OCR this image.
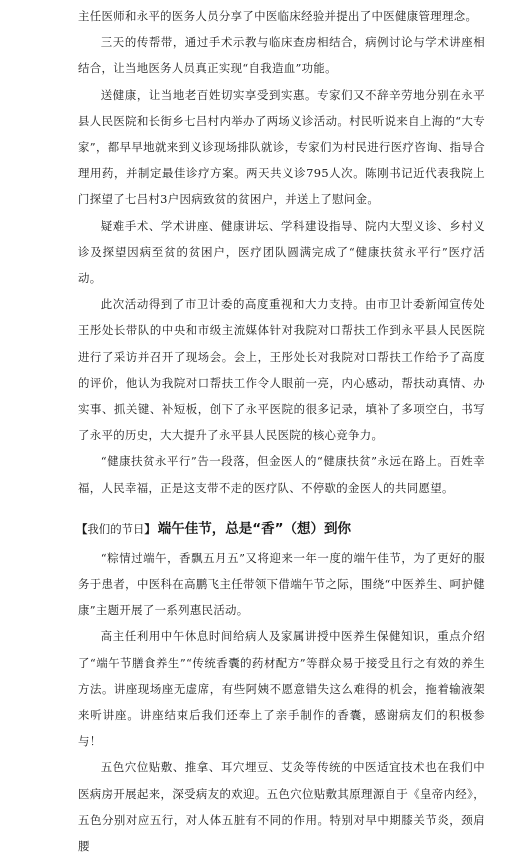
主任医师和永平的医务人员分享了中医临床经验并提出了中医健康管理理念。

三天的传帮带，通过手术示教与临床查房相结合，病例讨论与学术讲座相结合，让当地医务人员真正实现“自我造血”功能。

送健康，让当地老百姓切实享受到实惠。专家们又不辞辛劳地分别在永平县人民医院和长街乡七吕村内举办了两场义诊活动。村民听说来自上海的“大专家”，都早早地就来到义诊现场排队就诊，专家们为村民进行医疗咨询、指导合理用药，并制定最佳诊疗方案。两天共义诊795人次。陈刚书记近代表我院上门探望了七吕村3户因病致贫的贫困户，并送上了慰问金。

疑难手术、学术讲座、健康讲坛、学科建设指导、院内大型义诊、乡村义诊及探望因病至贫的贫困户，医疗团队圆满完成了“健康扶贫永平行”医疗活动。

此次活动得到了市卫计委的高度重视和大力支持。由市卫计委新闻宣传处王彤处长带队的中央和市级主流媒体针对我院对口帮扶工作到永平县人民医院进行了采访并召开了现场会。会上，王彤处长对我院对口帮扶工作给予了高度的评价，他认为我院对口帮扶工作令人眼前一亮，内心感动，帮扶动真情、办实事、抓关键、补短板，创下了永平医院的很多记录，填补了多项空白，书写了永平的历史，大大提升了永平县人民医院的核心竞争力。

“健康扶贫永平行”告一段落，但金医人的“健康扶贫”永远在路上。百姓幸福，人民幸福，正是这支带不走的医疗队、不停歇的金医人的共同愿望。

【我们的节日】 端午佳节，总是“香”（想）到你

“粽情过端午，香飘五月五”又将迎来一年一度的端午佳节，为了更好的服务于患者，中医科在高鹏飞主任带领下借端午节之际，围绕“中医养生、呵护健康”主题开展了一系列惠民活动。

高主任利用中午休息时间给病人及家属讲授中医养生保健知识，重点介绍了“端午节膳食养生”“传统香囊的药材配方”等群众易于接受且行之有效的养生方法。讲座现场座无虚席，有些阿姨不愿意错失这么难得的机会，拖着输液架来听讲座。讲座结束后我们还奉上了亲手制作的香囊，感谢病友们的积极参与！

五色穴位贴敷、推拿、耳穴埋豆、艾灸等传统的中医适宜技术也在我们中医病房开展起来，深受病友的欢迎。五色穴位贴敷其原理源自于《皇帝内经》，五色分别对应五行，对人体五脏有不同的作用。特别对早中期膝关节炎，颈肩腰
